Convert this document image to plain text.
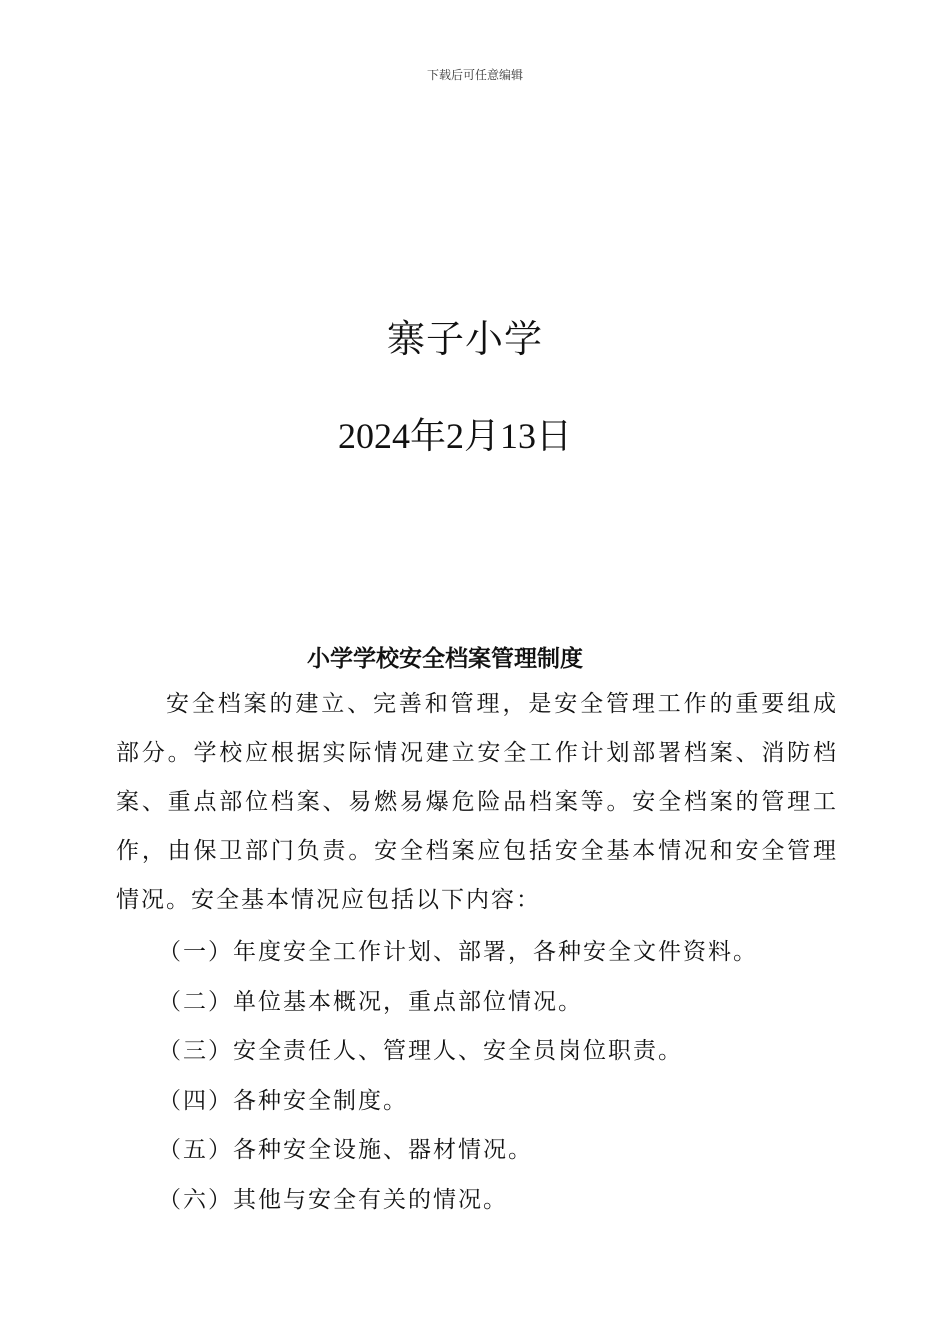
下载后可任意编辑
寨子小学
2024年2月13日
小学学校安全档案管理制度

安全档案的建立、完善和管理，是安全管理工作的重要组成部分。学校应根据实际情况建立安全工作计划部署档案、消防档案、重点部位档案、易燃易爆危险品档案等。安全档案的管理工作，由保卫部门负责。安全档案应包括安全基本情况和安全管理情况。安全基本情况应包括以下内容：

（一）年度安全工作计划、部署，各种安全文件资料。
（二）单位基本概况，重点部位情况。
（三）安全责任人、管理人、安全员岗位职责。
（四）各种安全制度。
（五）各种安全设施、器材情况。
（六）其他与安全有关的情况。
